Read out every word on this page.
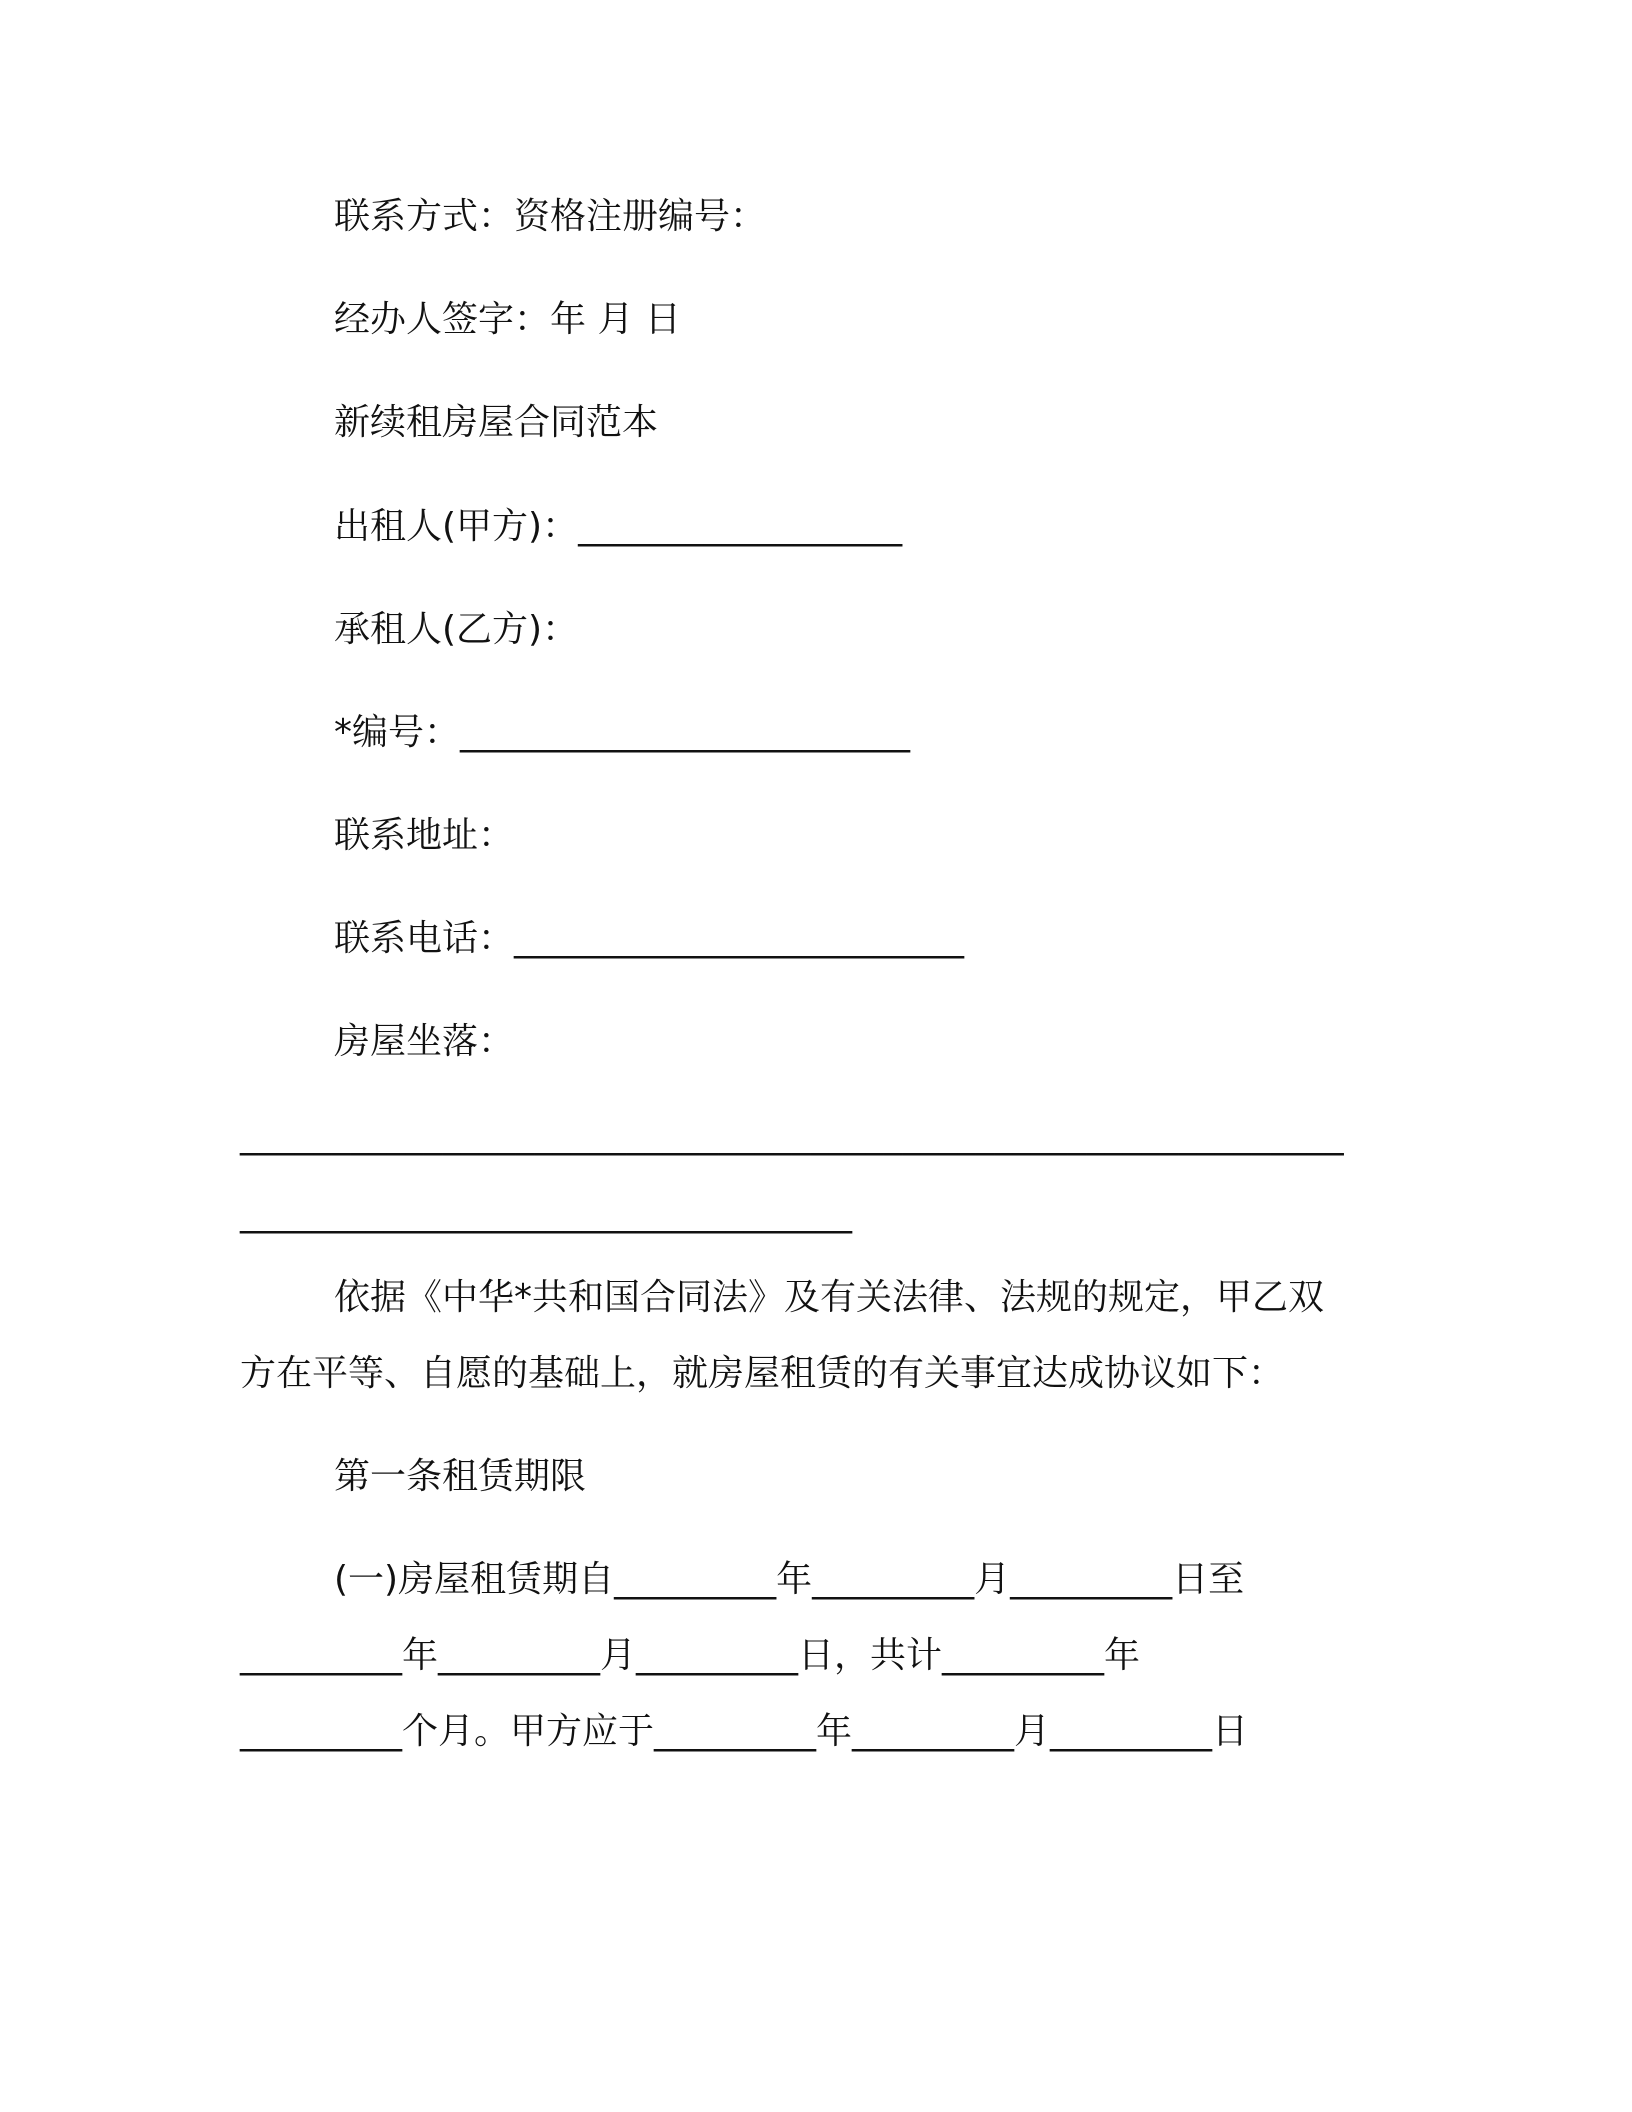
联系方式：资格注册编号：

经办人签字：年 月 日

新续租房屋合同范本

出租人(甲方)：__________________

承租人(乙方)：

*编号：_________________________

联系地址：

联系电话：_________________________

房屋坐落：

____________________________________________________________

__________________________________

依据《中华*共和国合同法》及有关法律、法规的规定，甲乙双

方在平等、自愿的基础上，就房屋租赁的有关事宜达成协议如下：

第一条租赁期限

(一)房屋租赁期自_________年_________月_________日至

_________年_________月_________日，共计_________年

_________个月。甲方应于_________年_________月_________日
